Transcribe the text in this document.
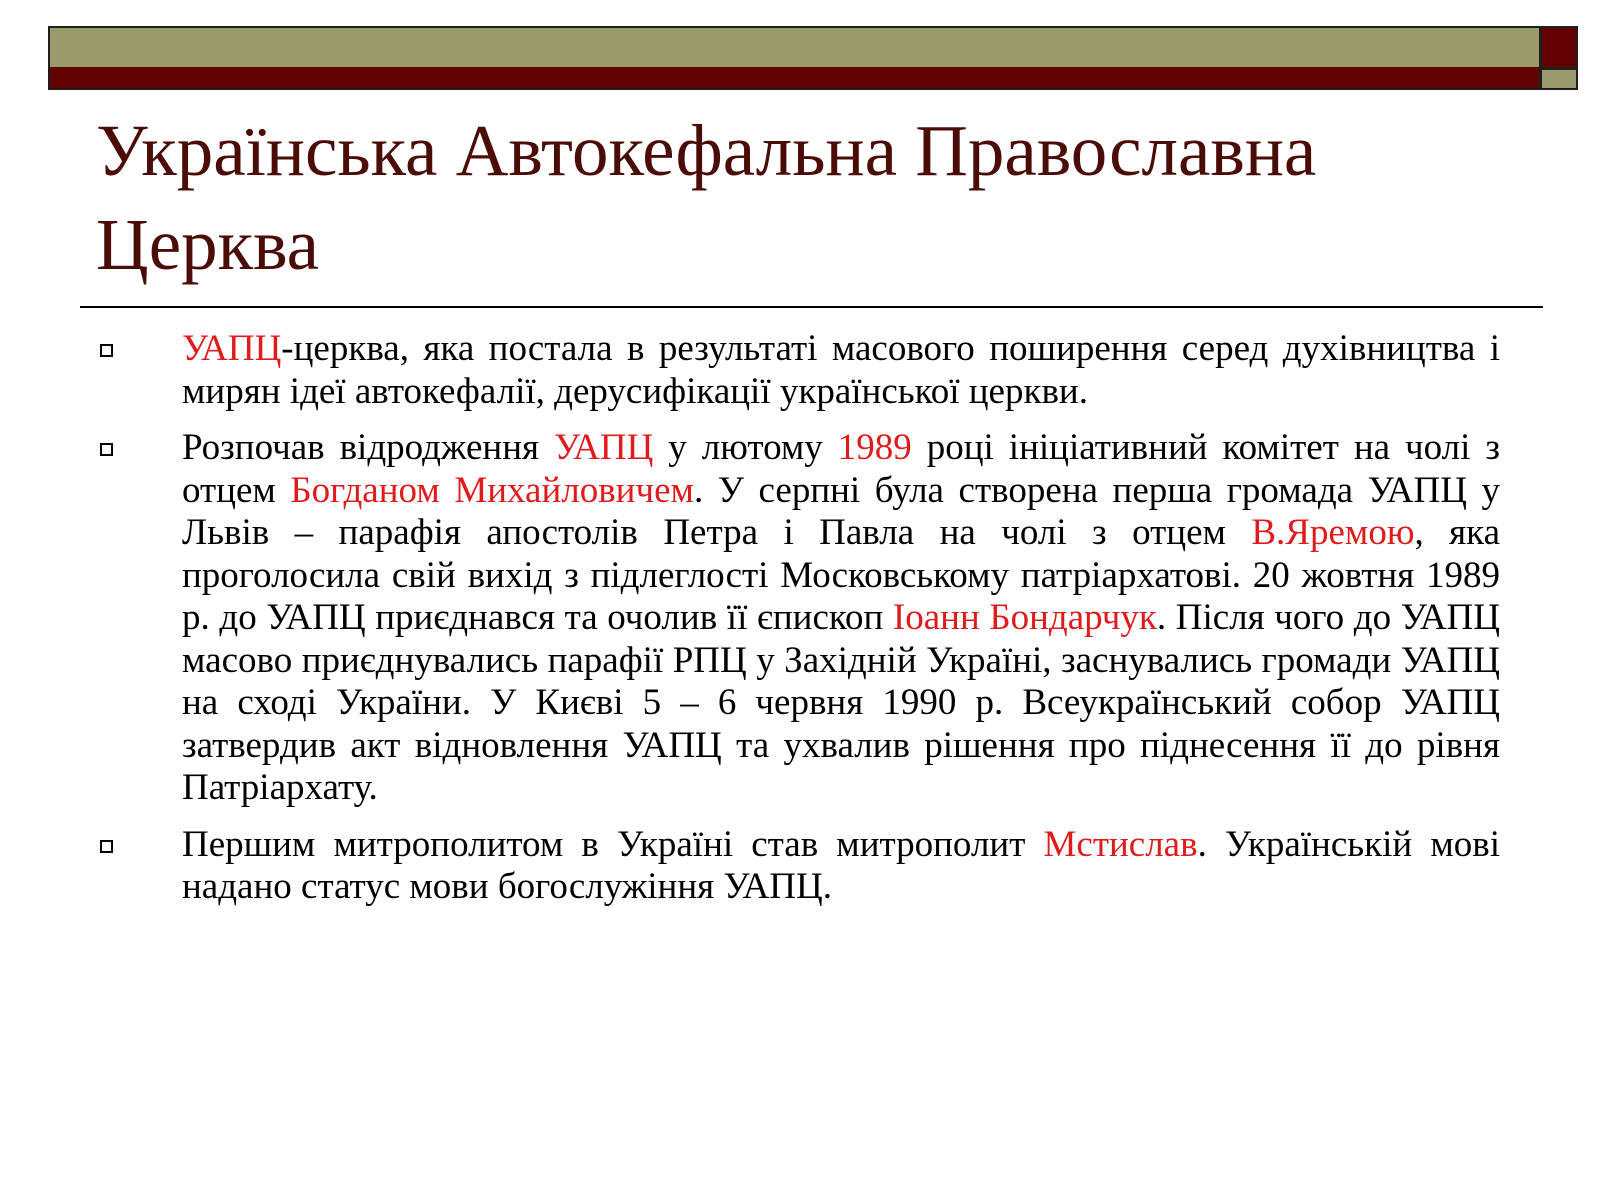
Українська Автокефальна Православна Церква
УАПЦ-церква, яка постала в результаті масового поширення серед духівництва і мирян ідеї автокефалії, дерусифікації української церкви.
Розпочав відродження УАПЦ у лютому 1989 році ініціативний комітет на чолі з отцем Богданом Михайловичем. У серпні була створена перша громада УАПЦ у Львів – парафія апостолів Петра і Павла на чолі з отцем В.Яремою, яка проголосила свій вихід з підлеглості Московському патріархатові. 20 жовтня 1989 р. до УАПЦ приєднався та очолив її єпископ Іоанн Бондарчук. Після чого до УАПЦ масово приєднувались парафії РПЦ у Західній Україні, заснувались громади УАПЦ на сході України. У Києві 5 – 6 червня 1990 р. Всеукраїнський собор УАПЦ затвердив акт відновлення УАПЦ та ухвалив рішення про піднесення її до рівня Патріархату.
Першим митрополитом в Україні став митрополит Мстислав. Українській мові надано статус мови богослужіння УАПЦ.
